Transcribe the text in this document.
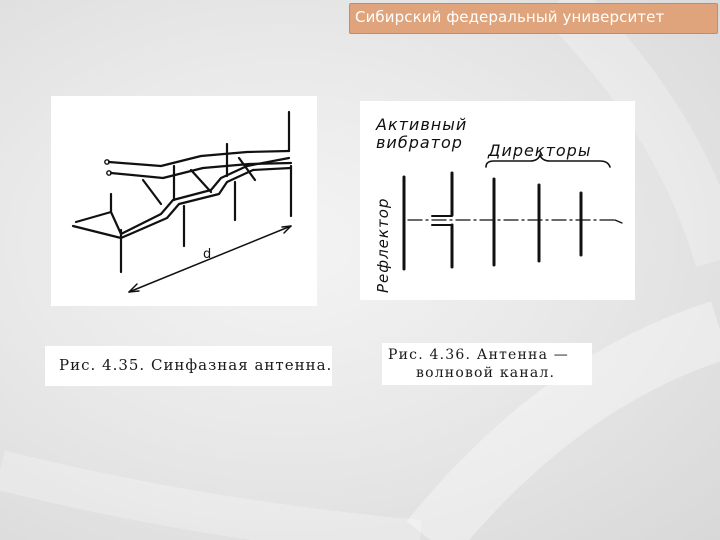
Сибирский федеральный университет
d
Активный
вибратор Директоры
Рефлектор
Рис. 4.35. Синфазная антенна.
Рис. 4.36. Антенна —
волновой канал.
